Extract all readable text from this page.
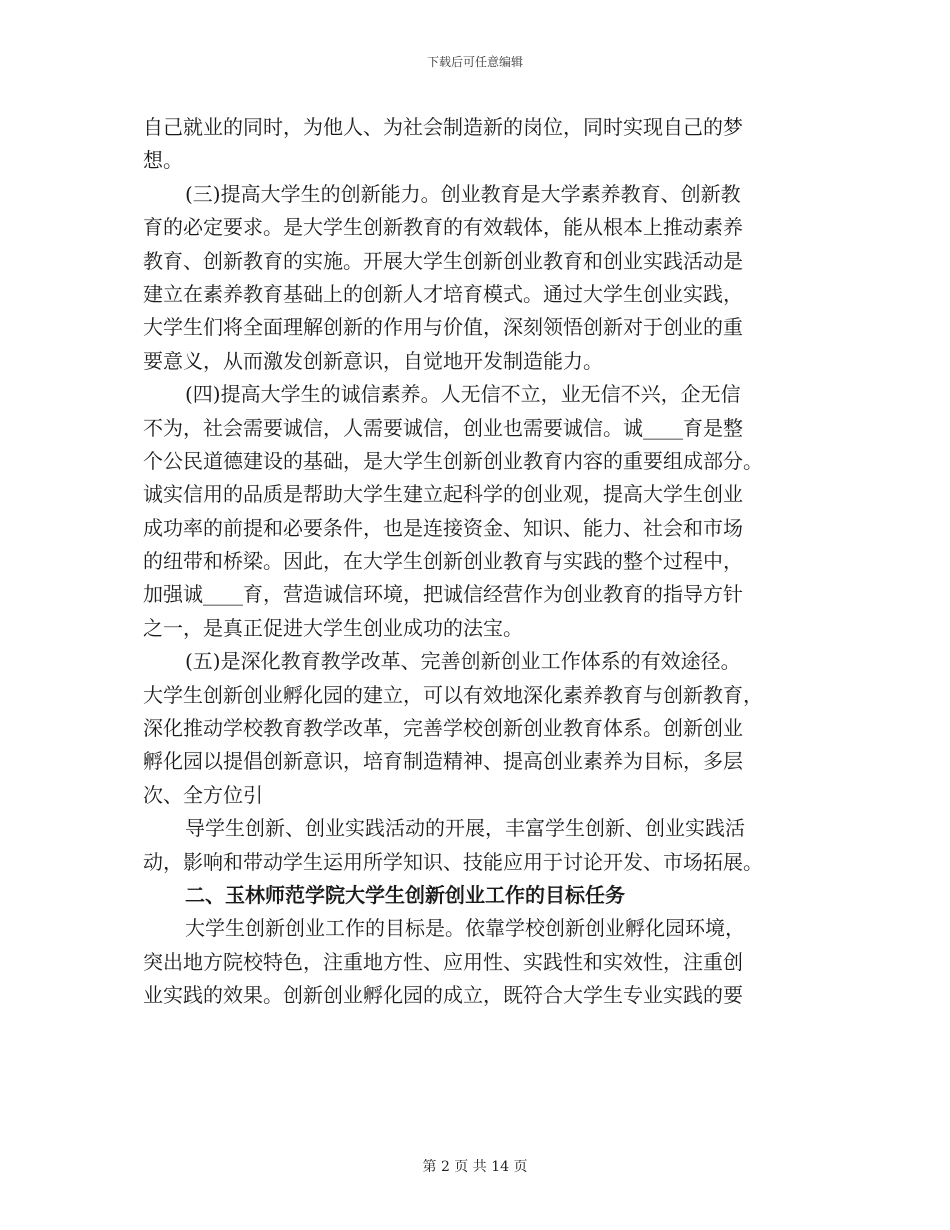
下载后可任意编辑
自己就业的同时，为他人、为社会制造新的岗位，同时实现自己的梦
想。
(三)提高大学生的创新能力。创业教育是大学素养教育、创新教
育的必定要求。是大学生创新教育的有效载体，能从根本上推动素养
教育、创新教育的实施。开展大学生创新创业教育和创业实践活动是
建立在素养教育基础上的创新人才培育模式。通过大学生创业实践，
大学生们将全面理解创新的作用与价值，深刻领悟创新对于创业的重
要意义，从而激发创新意识，自觉地开发制造能力。
(四)提高大学生的诚信素养。人无信不立，业无信不兴，企无信
不为，社会需要诚信，人需要诚信，创业也需要诚信。诚____育是整
个公民道德建设的基础，是大学生创新创业教育内容的重要组成部分。
诚实信用的品质是帮助大学生建立起科学的创业观，提高大学生创业
成功率的前提和必要条件，也是连接资金、知识、能力、社会和市场
的纽带和桥梁。因此，在大学生创新创业教育与实践的整个过程中，
加强诚____育，营造诚信环境，把诚信经营作为创业教育的指导方针
之一，是真正促进大学生创业成功的法宝。
(五)是深化教育教学改革、完善创新创业工作体系的有效途径。
大学生创新创业孵化园的建立，可以有效地深化素养教育与创新教育，
深化推动学校教育教学改革，完善学校创新创业教育体系。创新创业
孵化园以提倡创新意识，培育制造精神、提高创业素养为目标，多层
次、全方位引
导学生创新、创业实践活动的开展，丰富学生创新、创业实践活
动，影响和带动学生运用所学知识、技能应用于讨论开发、市场拓展。
二、玉林师范学院大学生创新创业工作的目标任务
大学生创新创业工作的目标是。依靠学校创新创业孵化园环境，
突出地方院校特色，注重地方性、应用性、实践性和实效性，注重创
业实践的效果。创新创业孵化园的成立，既符合大学生专业实践的要
第 2 页 共 14 页
